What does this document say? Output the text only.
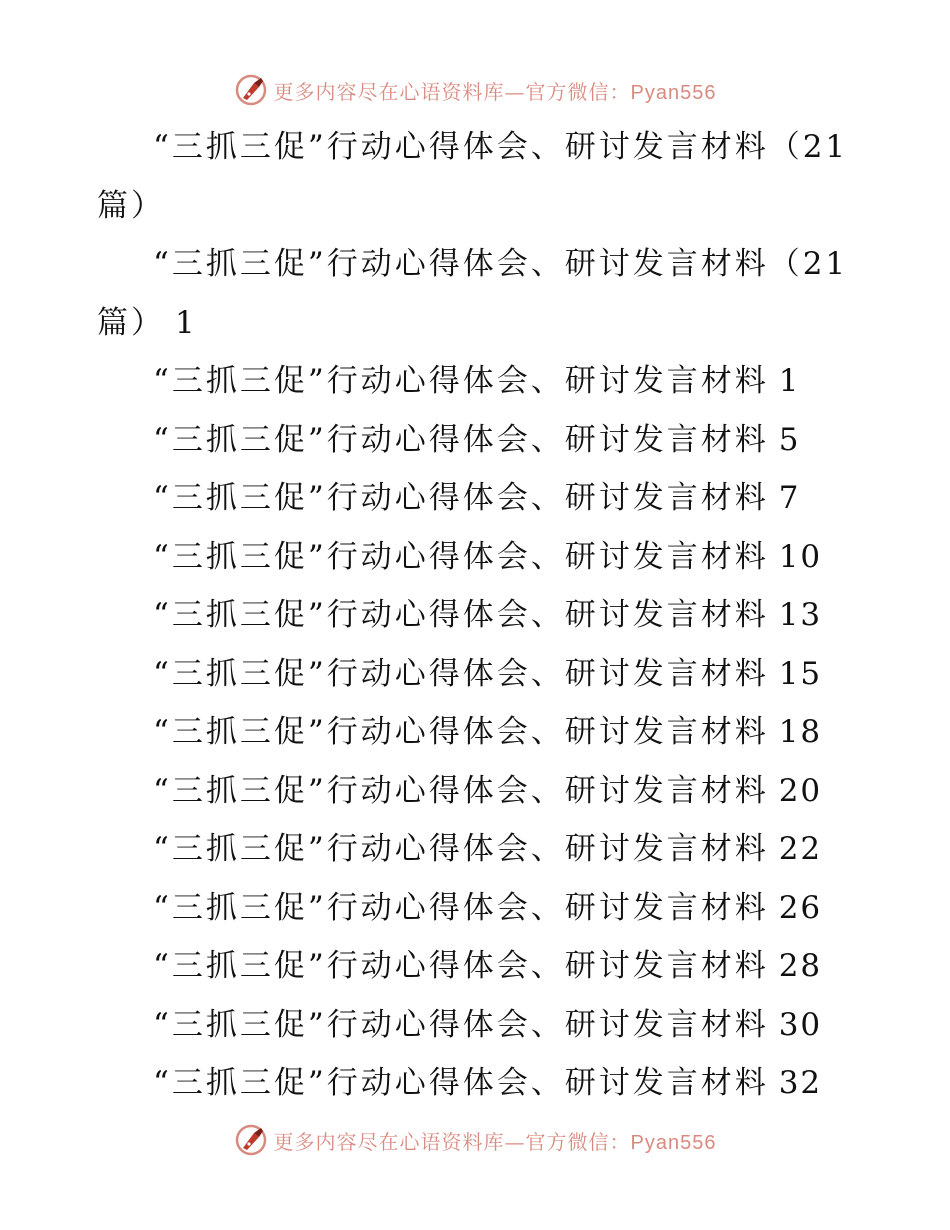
更多内容尽在心语资料库—官方微信：Pyan556
“三抓三促”行动心得体会、研讨发言材料（21
篇）
“三抓三促”行动心得体会、研讨发言材料（21
篇） 1
“三抓三促”行动心得体会、研讨发言材料 1
“三抓三促”行动心得体会、研讨发言材料 5
“三抓三促”行动心得体会、研讨发言材料 7
“三抓三促”行动心得体会、研讨发言材料 10
“三抓三促”行动心得体会、研讨发言材料 13
“三抓三促”行动心得体会、研讨发言材料 15
“三抓三促”行动心得体会、研讨发言材料 18
“三抓三促”行动心得体会、研讨发言材料 20
“三抓三促”行动心得体会、研讨发言材料 22
“三抓三促”行动心得体会、研讨发言材料 26
“三抓三促”行动心得体会、研讨发言材料 28
“三抓三促”行动心得体会、研讨发言材料 30
“三抓三促”行动心得体会、研讨发言材料 32
更多内容尽在心语资料库—官方微信：Pyan556
